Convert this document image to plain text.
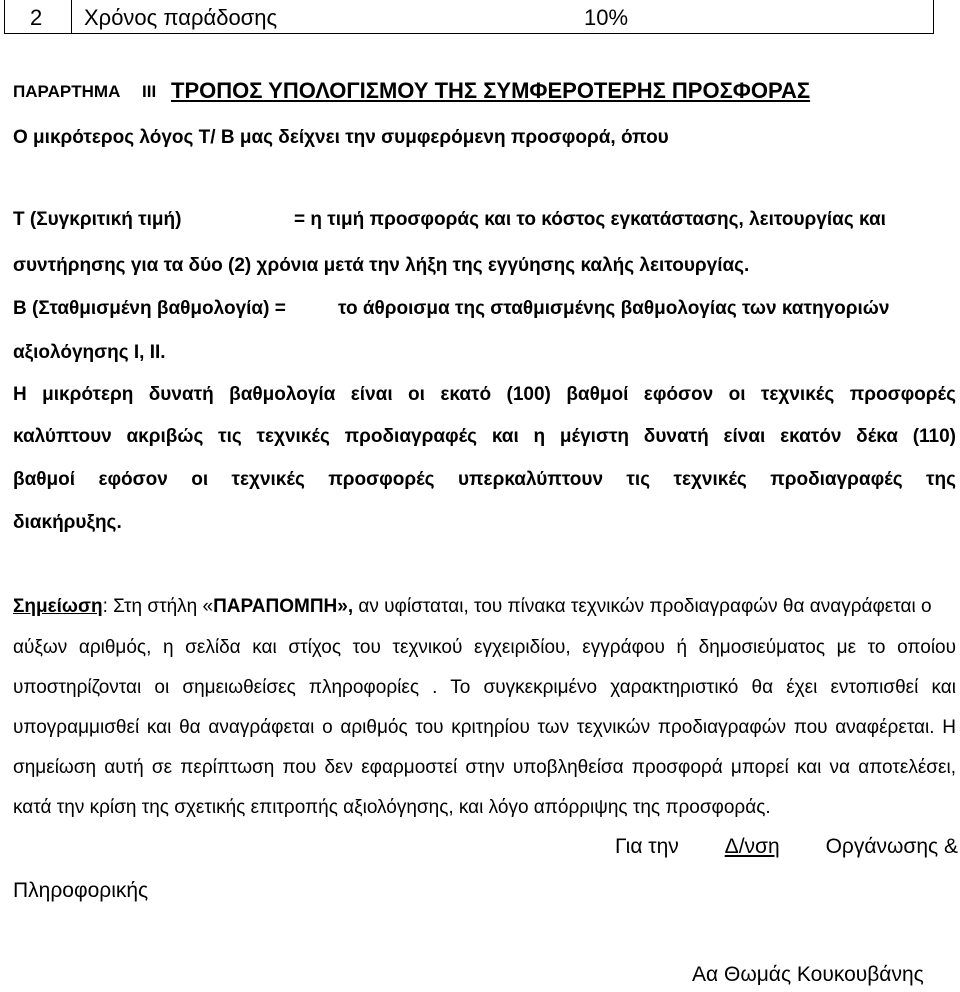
2 Χρόνος παράδοσης	10%
ΠΑΡΑΡΤΗΜΑ ΙΙΙ ΤΡΟΠΟΣ ΥΠΟΛΟΓΙΣΜΟΥ ΤΗΣ ΣΥΜΦΕΡΟΤΕΡΗΣ ΠΡΟΣΦΟΡΑΣ
Ο μικρότερος λόγος Τ/ Β μας δείχνει την συμφερόμενη προσφορά, όπου
Τ (Συγκριτική τιμή)	= η τιμή προσφοράς και το κόστος εγκατάστασης, λειτουργίας και
συντήρησης για τα δύο (2) χρόνια μετά την λήξη της εγγύησης καλής λειτουργίας.
Β (Σταθμισμένη βαθμολογία) =	το άθροισμα της σταθμισμένης βαθμολογίας των κατηγοριών
αξιολόγησης Ι, ΙΙ.
Η μικρότερη δυνατή βαθμολογία είναι οι εκατό (100) βαθμοί εφόσον οι τεχνικές προσφορές
καλύπτουν ακριβώς τις τεχνικές προδιαγραφές και η μέγιστη δυνατή είναι εκατόν δέκα (110)
βαθμοί εφόσον οι τεχνικές προσφορές υπερκαλύπτουν τις τεχνικές προδιαγραφές της
διακήρυξης.
Σημείωση: Στη στήλη «ΠΑΡΑΠΟΜΠΗ», αν υφίσταται, του πίνακα τεχνικών προδιαγραφών θα αναγράφεται ο
αύξων αριθμός, η σελίδα και στίχος του τεχνικού εγχειριδίου, εγγράφου ή δημοσιεύματος με το οποίου
υποστηρίζονται οι σημειωθείσες πληροφορίες . Το συγκεκριμένο χαρακτηριστικό θα έχει εντοπισθεί και
υπογραμμισθεί και θα αναγράφεται ο αριθμός του κριτηρίου των τεχνικών προδιαγραφών που αναφέρεται. Η
σημείωση αυτή σε περίπτωση που δεν εφαρμοστεί στην υποβληθείσα προσφορά μπορεί και να αποτελέσει,
κατά την κρίση της σχετικής επιτροπής αξιολόγησης, και λόγο απόρριψης της προσφοράς.
Για την Δ/νση Οργάνωσης &
Πληροφορικής
Αα Θωμάς Κουκουβάνης
